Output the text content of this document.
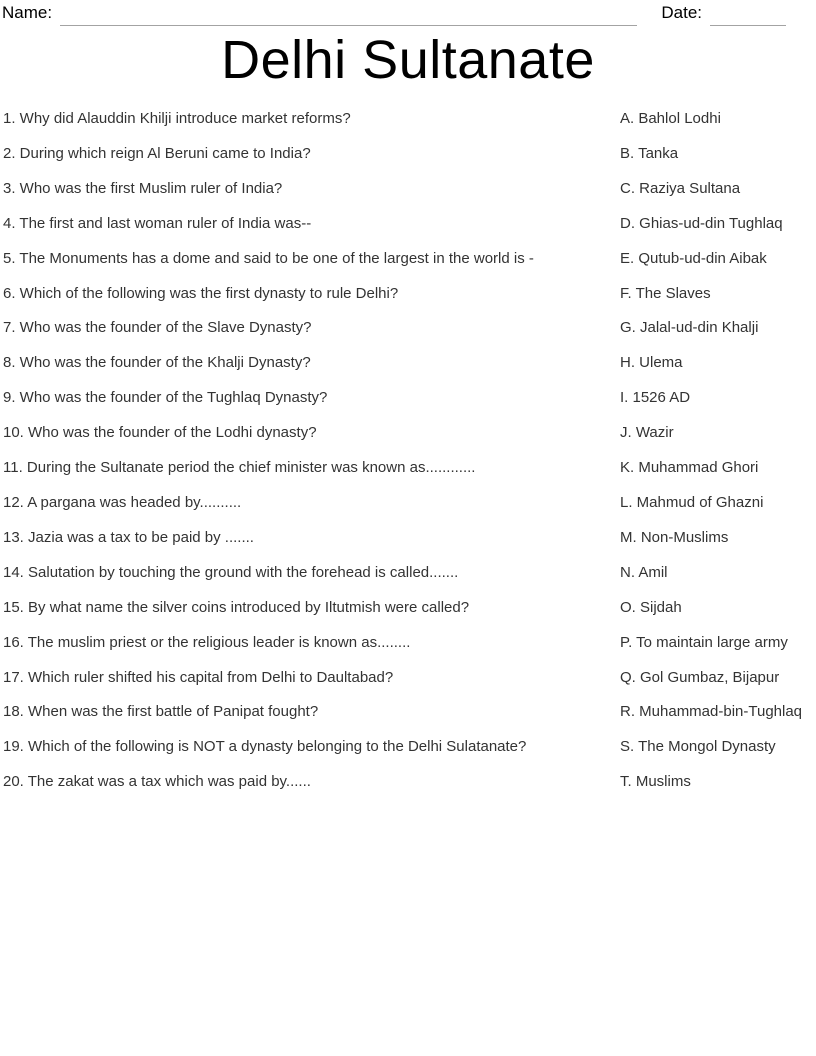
Name:	Date:
Delhi Sultanate
1. Why did Alauddin Khilji introduce market reforms?
2. During which reign Al Beruni came to India?
3. Who was the first Muslim ruler of India?
4. The first and last woman ruler of India was--
5. The Monuments has a dome and said to be one of the largest in the world is -
6. Which of the following was the first dynasty to rule Delhi?
7. Who was the founder of the Slave Dynasty?
8. Who was the founder of the Khalji Dynasty?
9. Who was the founder of the Tughlaq Dynasty?
10. Who was the founder of the Lodhi dynasty?
11. During the Sultanate period the chief minister was known as............
12. A pargana was headed by..........
13. Jazia was a tax to be paid by .......
14. Salutation by touching the ground with the forehead is called.......
15. By what name the silver coins introduced by Iltutmish were called?
16. The muslim priest or the religious leader is known as........
17. Which ruler shifted his capital from Delhi to Daultabad?
18. When was the first battle of Panipat fought?
19. Which of the following is NOT a dynasty belonging to the Delhi Sulatanate?
20. The zakat was a tax which was paid by......
A. Bahlol Lodhi
B. Tanka
C. Raziya Sultana
D. Ghias-ud-din Tughlaq
E. Qutub-ud-din Aibak
F. The Slaves
G. Jalal-ud-din Khalji
H. Ulema
I. 1526 AD
J. Wazir
K. Muhammad Ghori
L. Mahmud of Ghazni
M. Non-Muslims
N. Amil
O. Sijdah
P. To maintain large army
Q. Gol Gumbaz, Bijapur
R. Muhammad-bin-Tughlaq
S. The Mongol Dynasty
T. Muslims
